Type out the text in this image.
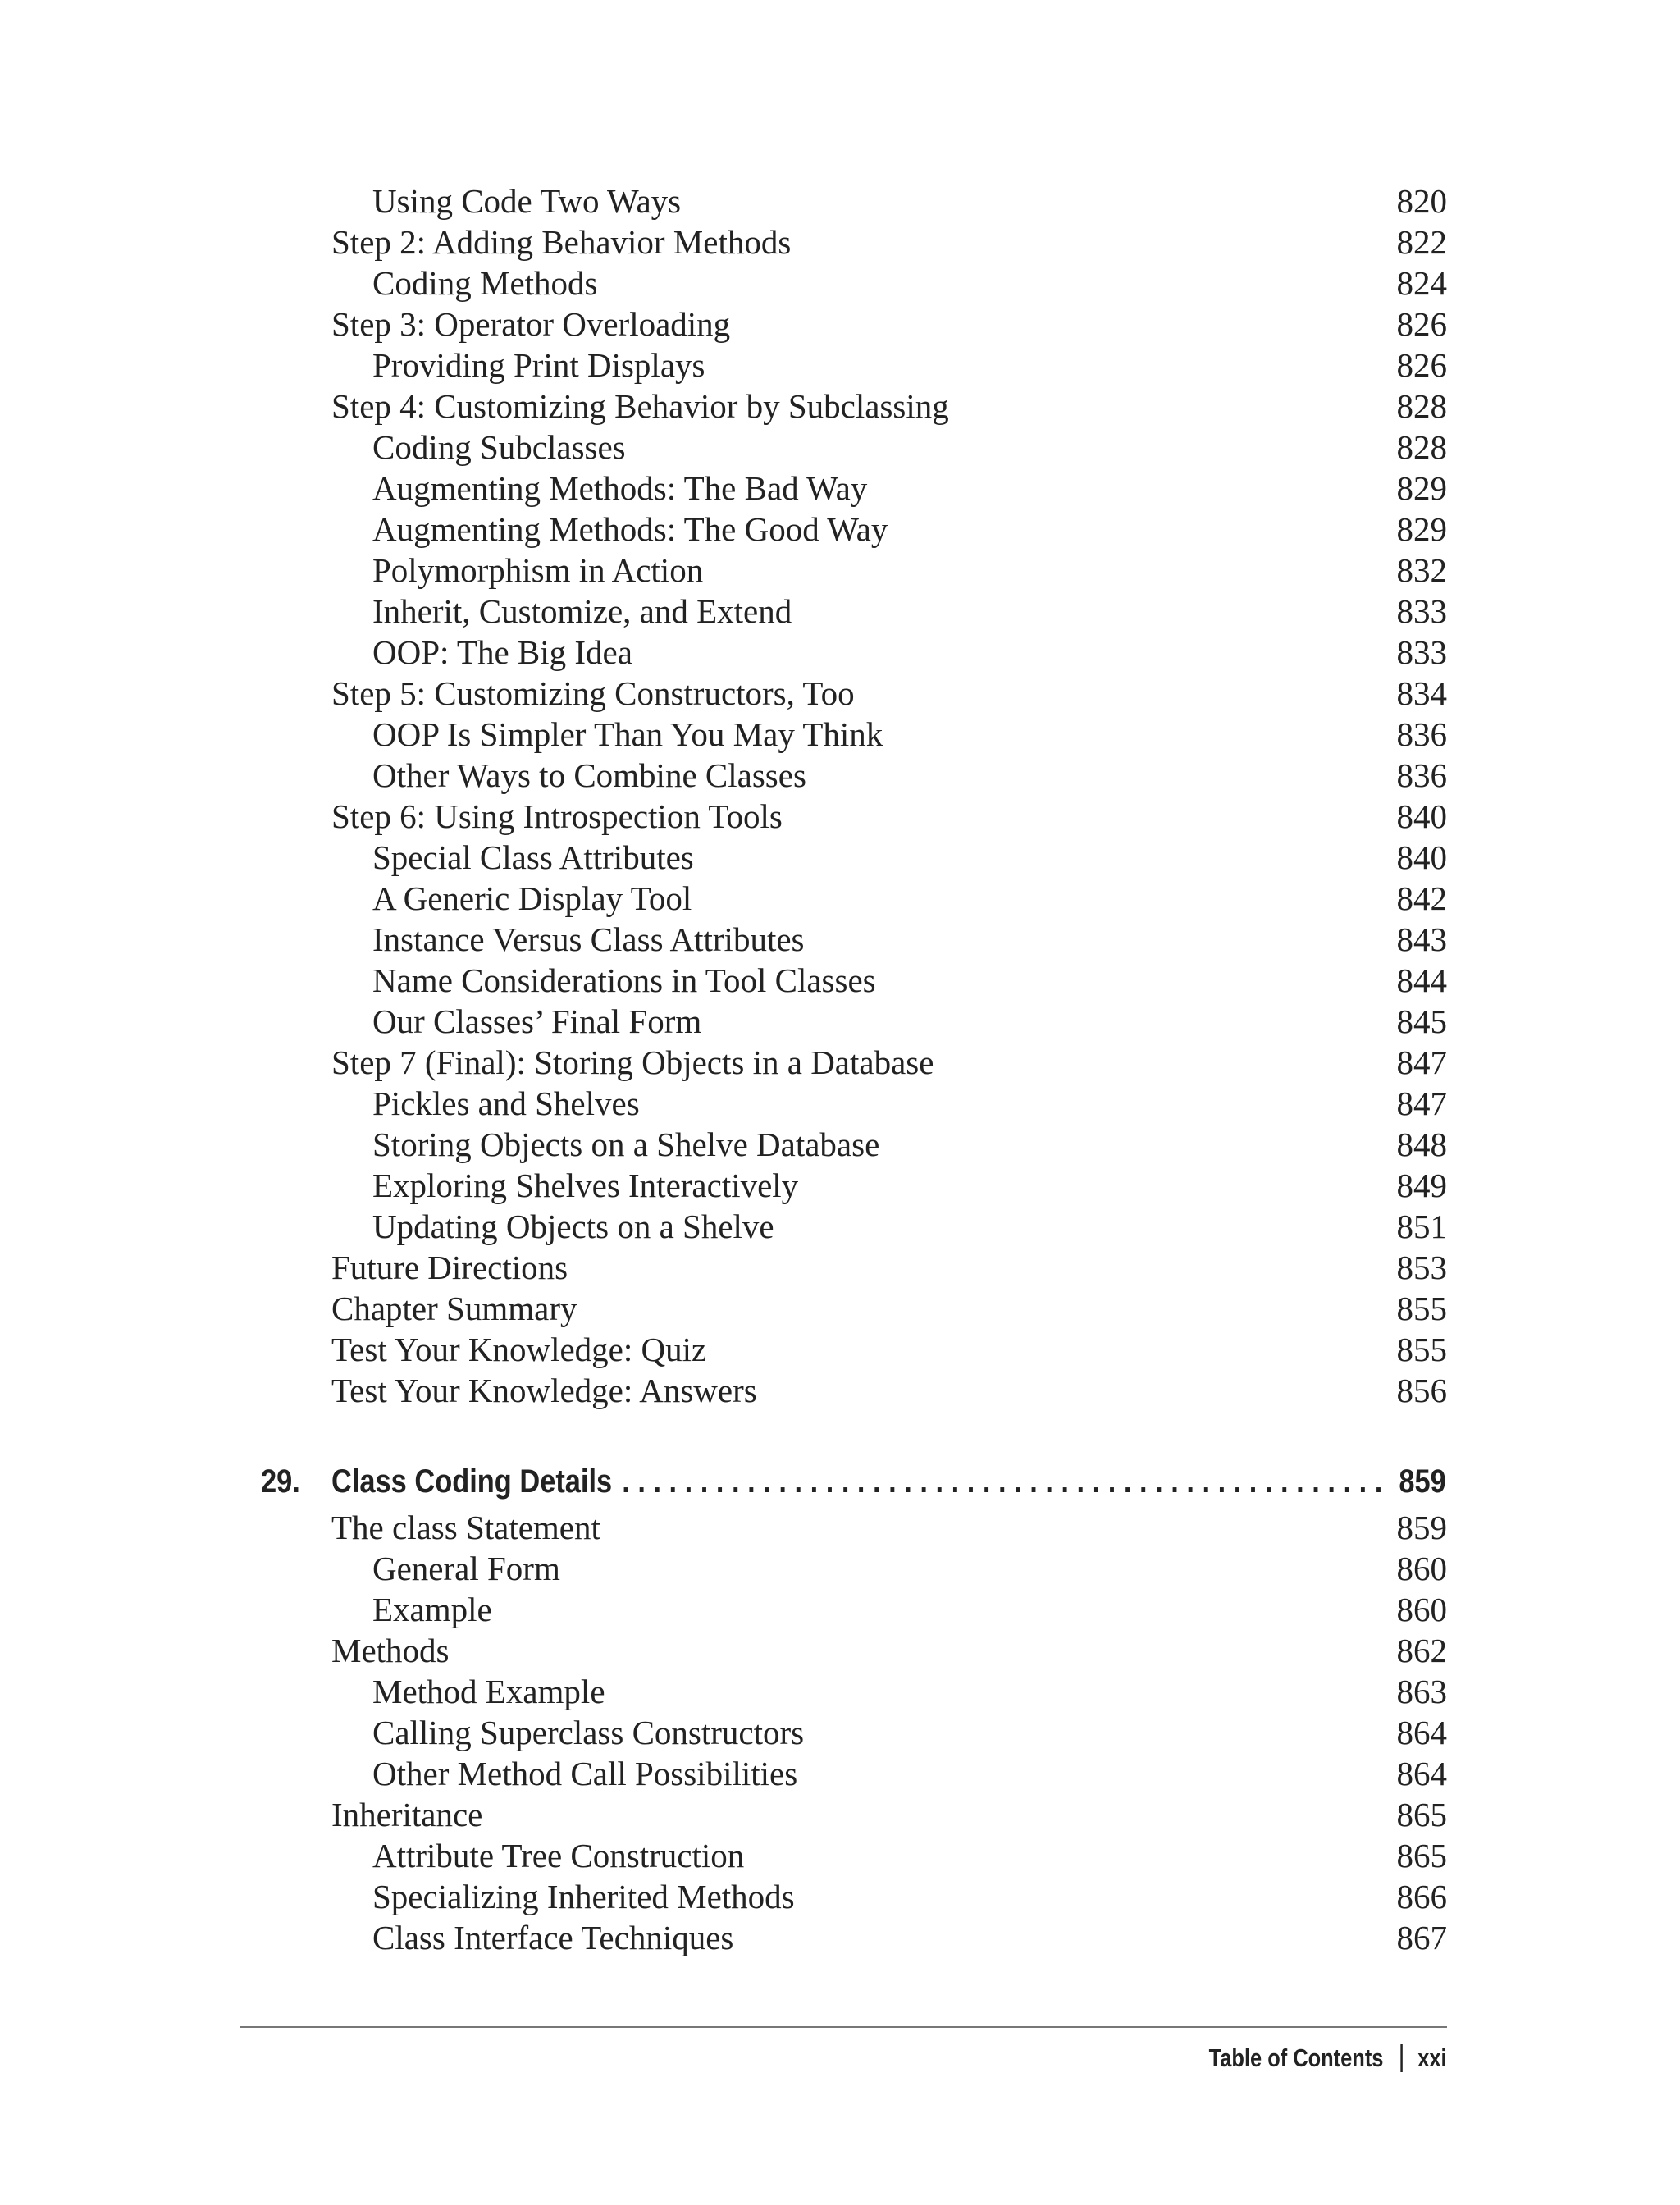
Using Code Two Ways	820
Step 2: Adding Behavior Methods	822
Coding Methods	824
Step 3: Operator Overloading	826
Providing Print Displays	826
Step 4: Customizing Behavior by Subclassing	828
Coding Subclasses	828
Augmenting Methods: The Bad Way	829
Augmenting Methods: The Good Way	829
Polymorphism in Action	832
Inherit, Customize, and Extend	833
OOP: The Big Idea	833
Step 5: Customizing Constructors, Too	834
OOP Is Simpler Than You May Think	836
Other Ways to Combine Classes	836
Step 6: Using Introspection Tools	840
Special Class Attributes	840
A Generic Display Tool	842
Instance Versus Class Attributes	843
Name Considerations in Tool Classes	844
Our Classes’ Final Form	845
Step 7 (Final): Storing Objects in a Database	847
Pickles and Shelves	847
Storing Objects on a Shelve Database	848
Exploring Shelves Interactively	849
Updating Objects on a Shelve	851
Future Directions	853
Chapter Summary	855
Test Your Knowledge: Quiz	855
Test Your Knowledge: Answers	856
29. Class Coding Details . . .	859
The class Statement	859
General Form	860
Example	860
Methods	862
Method Example	863
Calling Superclass Constructors	864
Other Method Call Possibilities	864
Inheritance	865
Attribute Tree Construction	865
Specializing Inherited Methods	866
Class Interface Techniques	867
Table of Contents xxi
